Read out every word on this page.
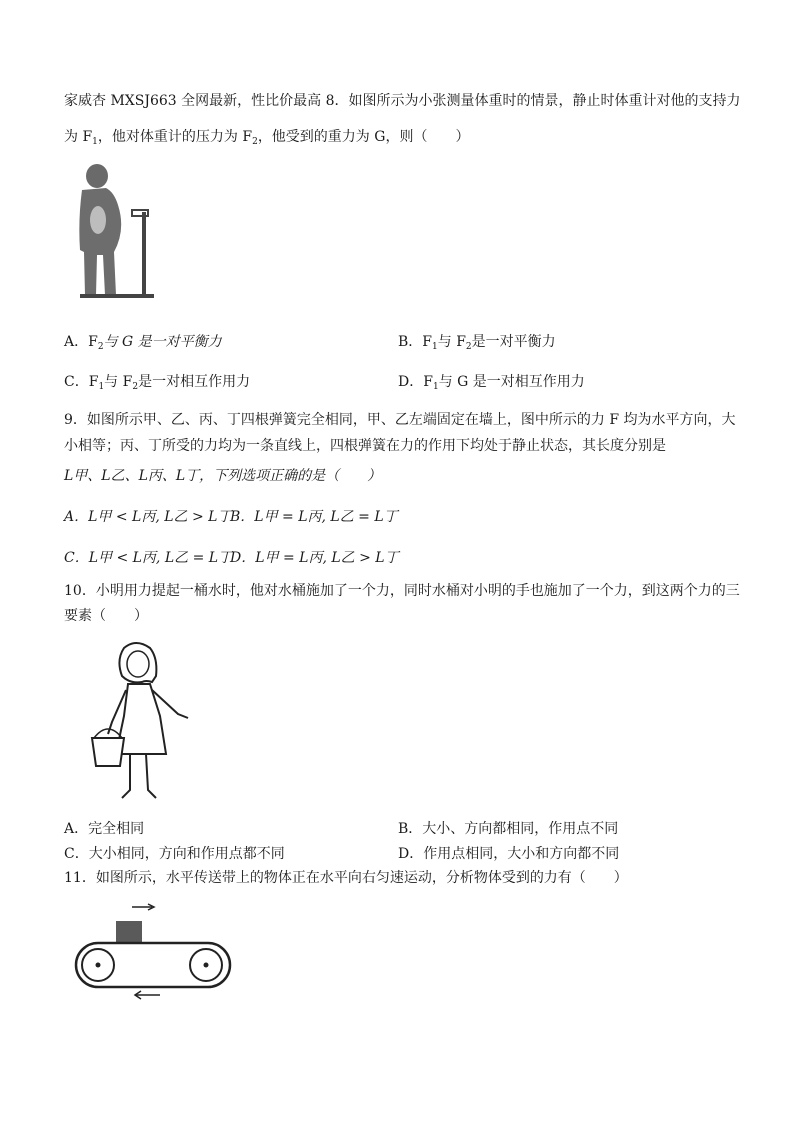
家威杏 MXSJ663 全网最新，性比价最高 8．如图所示为小张测量体重时的情景，静止时体重计对他的支持力
为 $F_1$，他对体重计的压力为 $F_2$，他受到的重力为 G，则（　　）
A．$F_2$与 G 是一对平衡力	B．$F_1$与 $F_2$是一对平衡力
C．$F_1$与 $F_2$是一对相互作用力	D．$F_1$与 G 是一对相互作用力
9．如图所示甲、乙、丙、丁四根弹簧完全相同，甲、乙左端固定在墙上，图中所示的力 F 均为水平方向，大
小相等；丙、丁所受的力均为一条直线上，四根弹簧在力的作用下均处于静止状态，其长度分别是
L甲、L乙、L丙、L丁，下列选项正确的是（　　）
A．L甲 < L丙, L乙 > L丁
B．L甲 = L丙, L乙 = L丁
C．L甲 < L丙, L乙 = L丁
D．L甲 = L丙, L乙 > L丁
10．小明用力提起一桶水时，他对水桶施加了一个力，同时水桶对小明的手也施加了一个力，到这两个力的三
要素（　　）
A．完全相同	B．大小、方向都相同，作用点不同
C．大小相同，方向和作用点都不同	D．作用点相同，大小和方向都不同
11．如图所示，水平传送带上的物体正在水平向右匀速运动，分析物体受到的力有（　　）
